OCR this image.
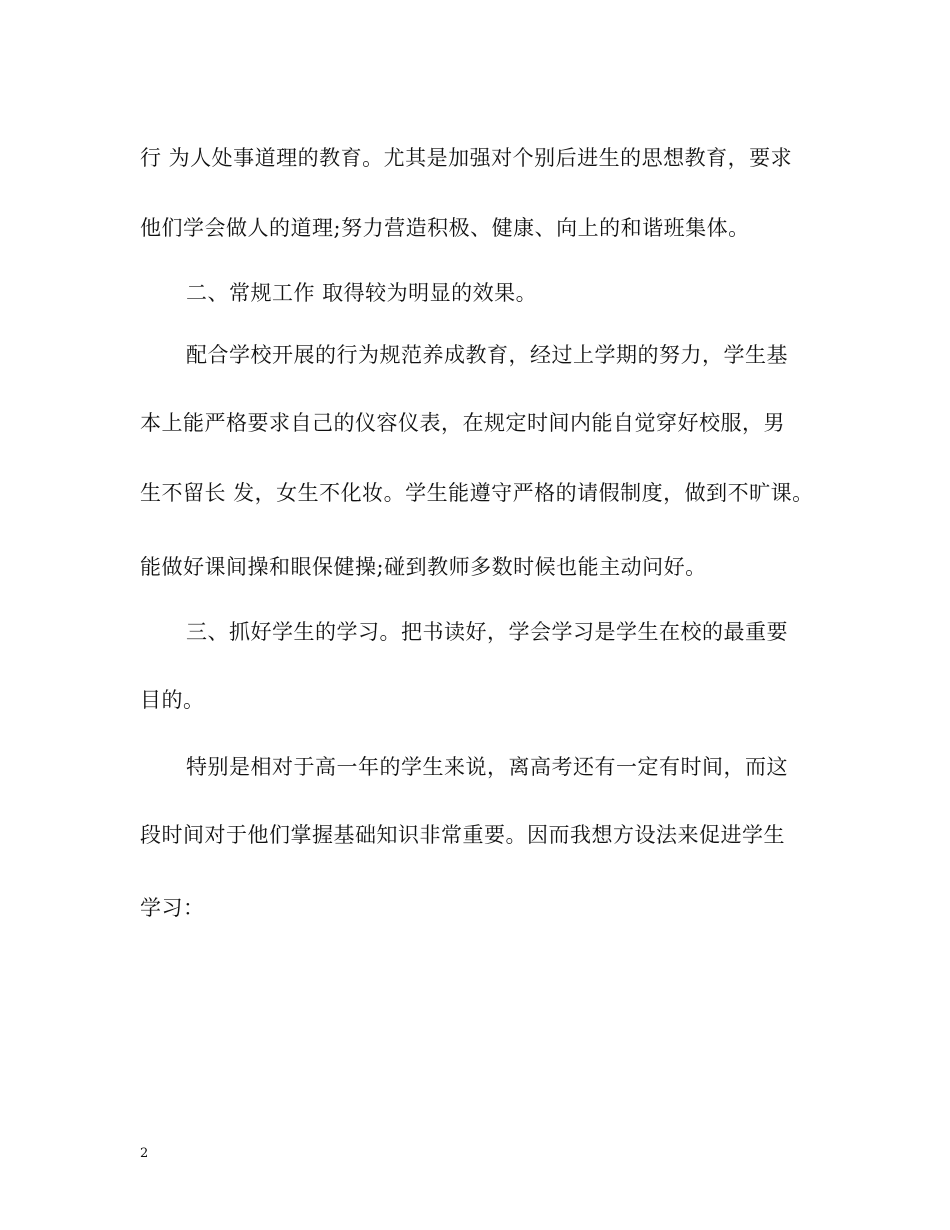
行 为人处事道理的教育。尤其是加强对个别后进生的思想教育，要求
他们学会做人的道理;努力营造积极、健康、向上的和谐班集体。
二、常规工作 取得较为明显的效果。
配合学校开展的行为规范养成教育，经过上学期的努力，学生基
本上能严格要求自己的仪容仪表，在规定时间内能自觉穿好校服，男
生不留长 发，女生不化妆。学生能遵守严格的请假制度，做到不旷课。
能做好课间操和眼保健操;碰到教师多数时候也能主动问好。
三、抓好学生的学习。把书读好，学会学习是学生在校的最重要
目的。
特别是相对于高一年的学生来说，离高考还有一定有时间，而这
段时间对于他们掌握基础知识非常重要。因而我想方设法来促进学生
学习：
2
